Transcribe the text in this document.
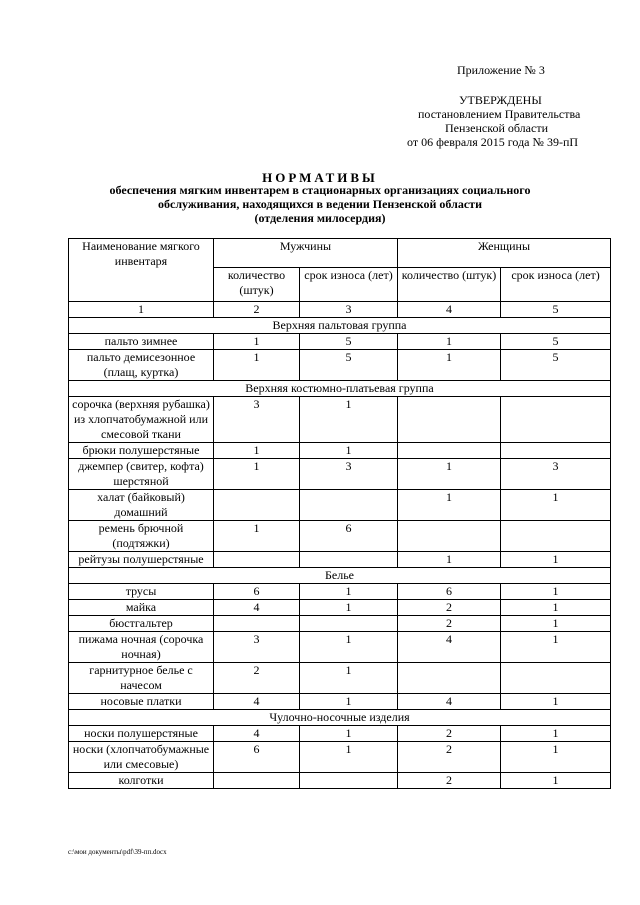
Приложение № 3
УТВЕРЖДЕНЫ
постановлением Правительства
Пензенской области
от 06 февраля 2015 года № 39-пП
НОРМАТИВЫ
обеспечения мягким инвентарем в стационарных организациях социального
обслуживания, находящихся в ведении Пензенской области
(отделения милосердия)
Наименование мягкого инвентаря	Мужчины		Женщины	
	количество (штук)	срок износа (лет)	количество (штук)	срок износа (лет)
1	2	3	4	5
Верхняя пальтовая группа				
пальто зимнее	1	5	1	5
пальто демисезонное (плащ, куртка)	1	5	1	5
Верхняя костюмно-платьевая группа				
сорочка (верхняя рубашка) из хлопчатобумажной или смесовой ткани	3	1		
брюки полушерстяные	1	1		
джемпер (свитер, кофта) шерстяной	1	3	1	3
халат (байковый) домашний			1	1
ремень брючной (подтяжки)	1	6		
рейтузы полушерстяные			1	1
Белье				
трусы	6	1	6	1
майка	4	1	2	1
бюстгальтер			2	1
пижама ночная (сорочка ночная)	3	1	4	1
гарнитурное белье с начесом	2	1		
носовые платки	4	1	4	1
Чулочно-носочные изделия				
носки полушерстяные	4	1	2	1
носки (хлопчатобумажные или смесовые)	6	1	2	1
колготки			2	1
c:\мои документы\pdf\39-пп.docx
